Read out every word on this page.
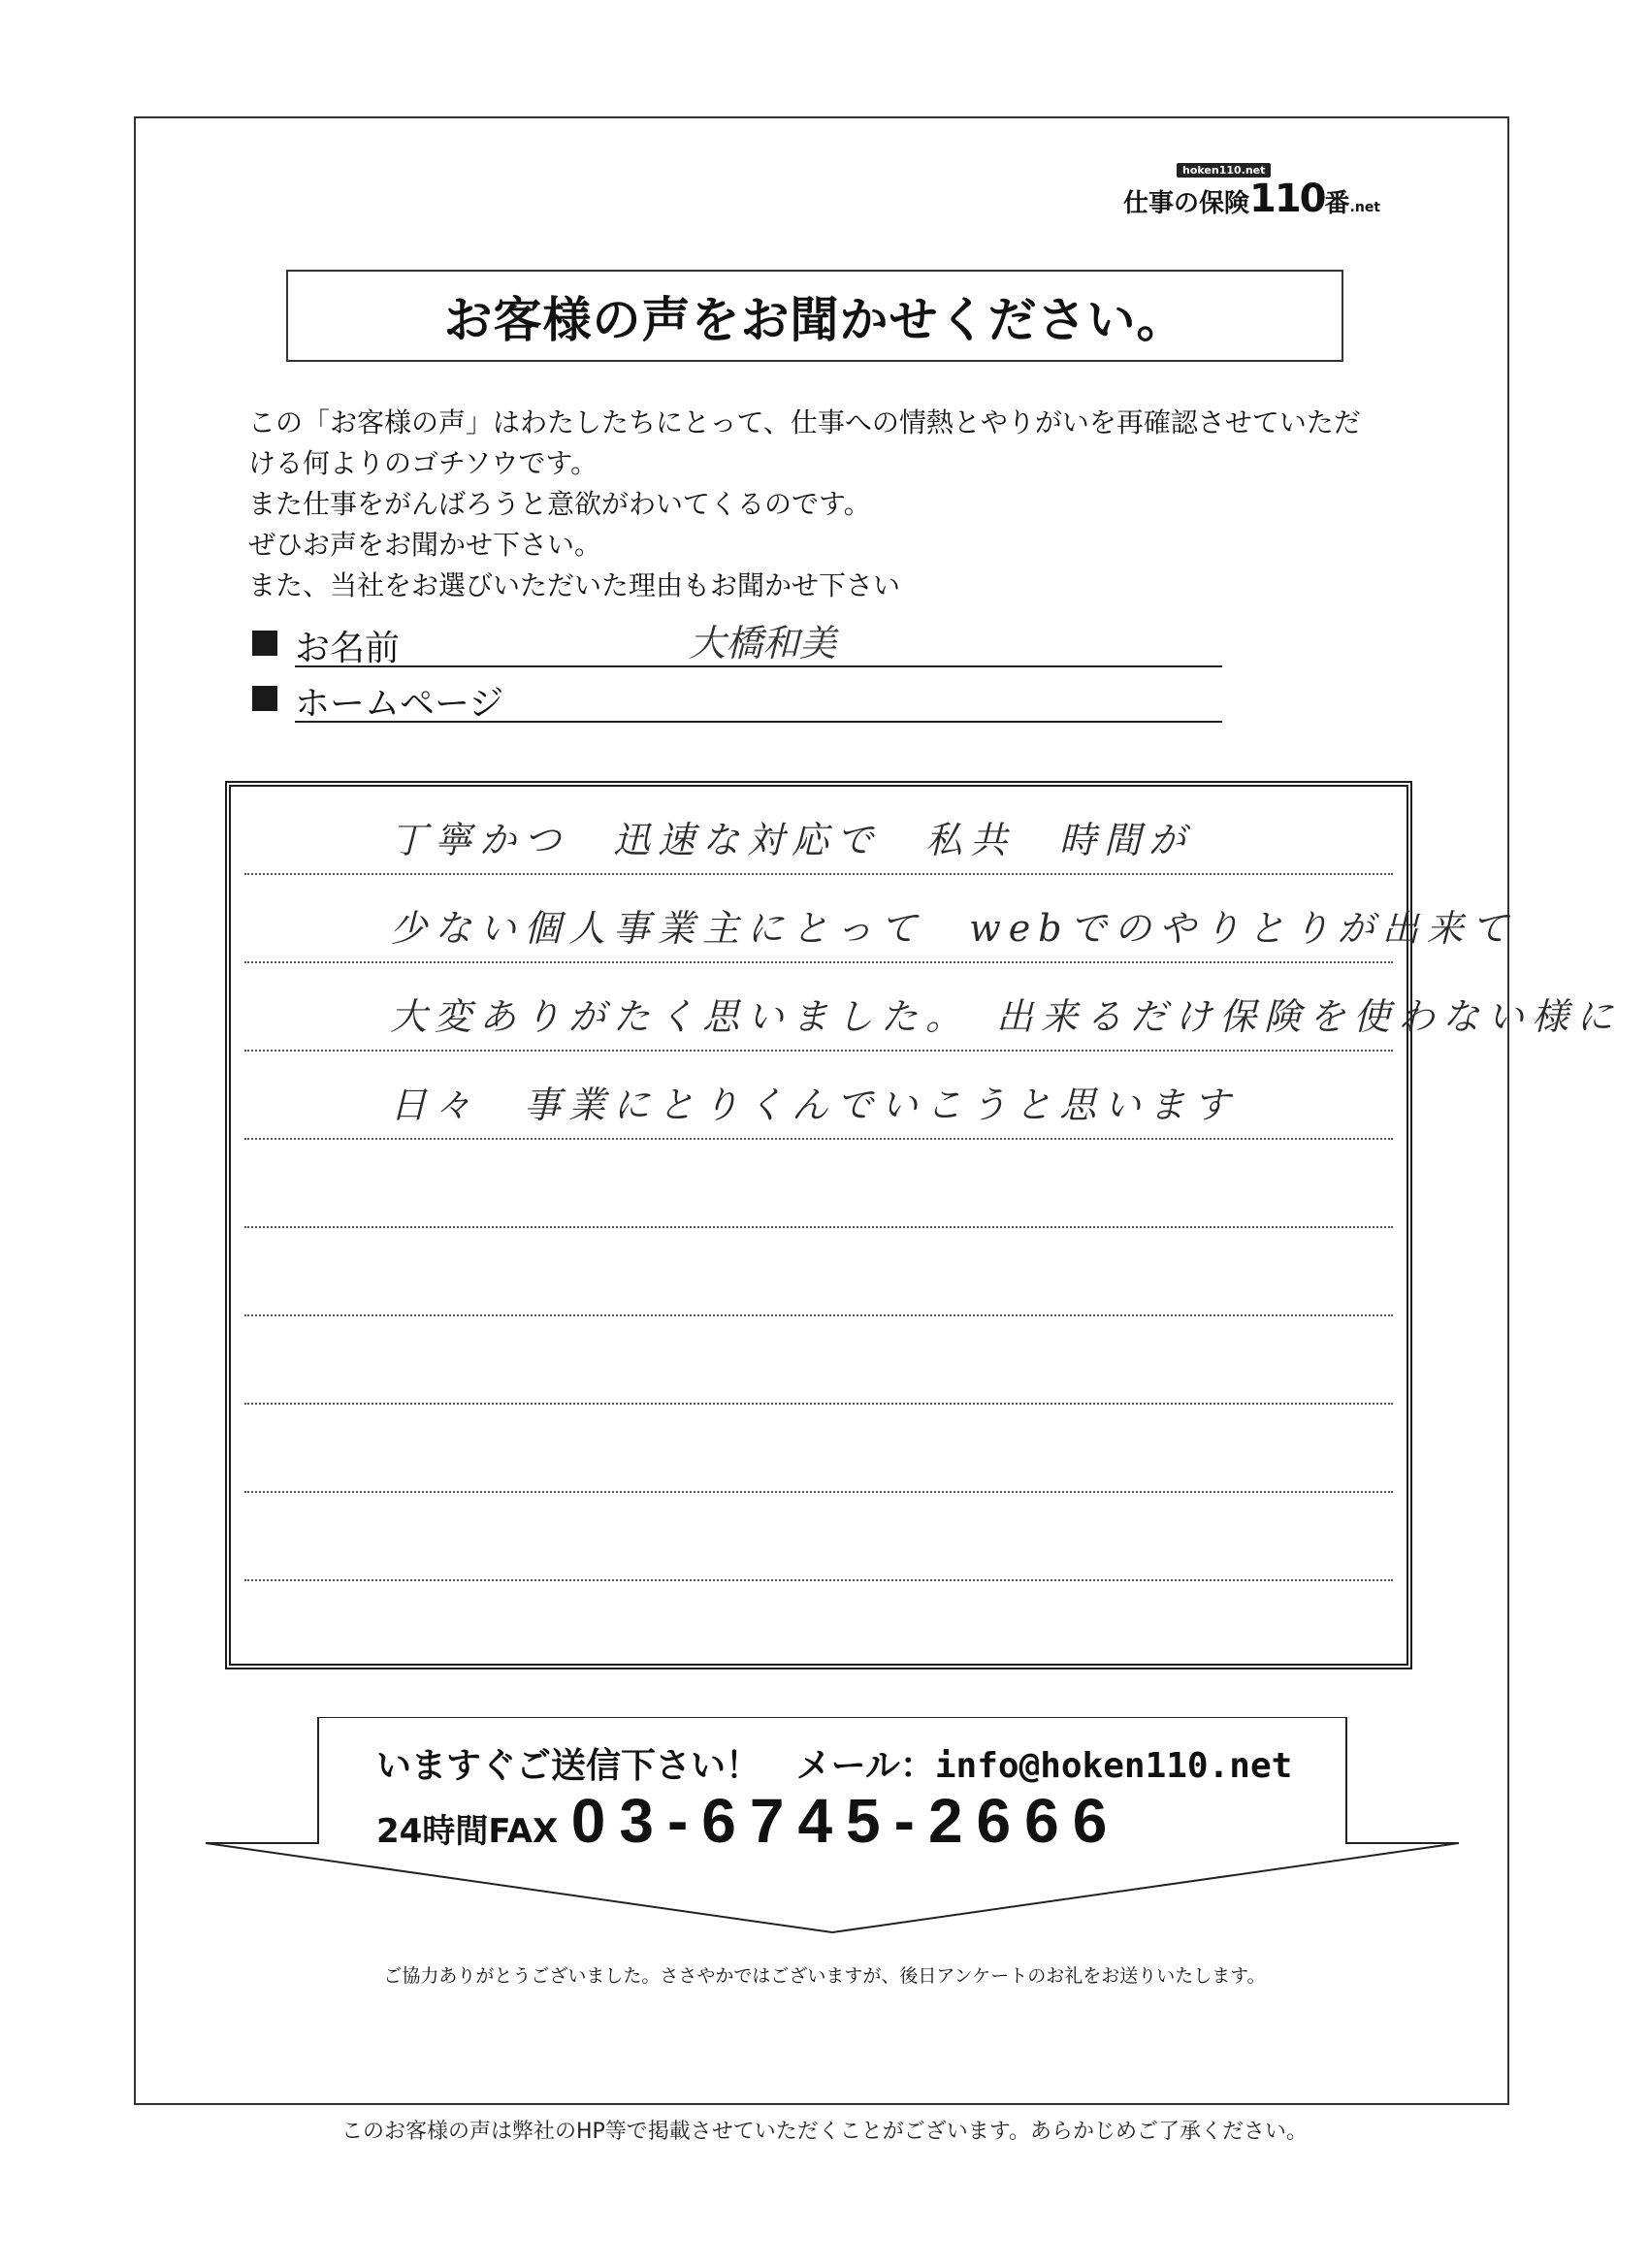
hoken110.net
仕事の保険110番.net
お客様の声をお聞かせください。
この「お客様の声」はわたしたちにとって、仕事への情熱とやりがいを再確認させていただ
ける何よりのゴチソウです。
また仕事をがんばろうと意欲がわいてくるのです。
ぜひお声をお聞かせ下さい。
また、当社をお選びいただいた理由もお聞かせ下さい
お名前	大橋和美
ホームページ
丁寧かつ　迅速な対応で　私共　時間が
少ない個人事業主にとって　webでのやりとりが出来て
大変ありがたく思いました。　出来るだけ保険を使わない様に
日々　事業にとりくんでいこうと思います
いますぐご送信下さい！ メール：info@hoken110.net
24時間FAX 03-6745-2666
ご協力ありがとうございました。ささやかではございますが、後日アンケートのお礼をお送りいたします。
このお客様の声は弊社のHP等で掲載させていただくことがございます。あらかじめご了承ください。
